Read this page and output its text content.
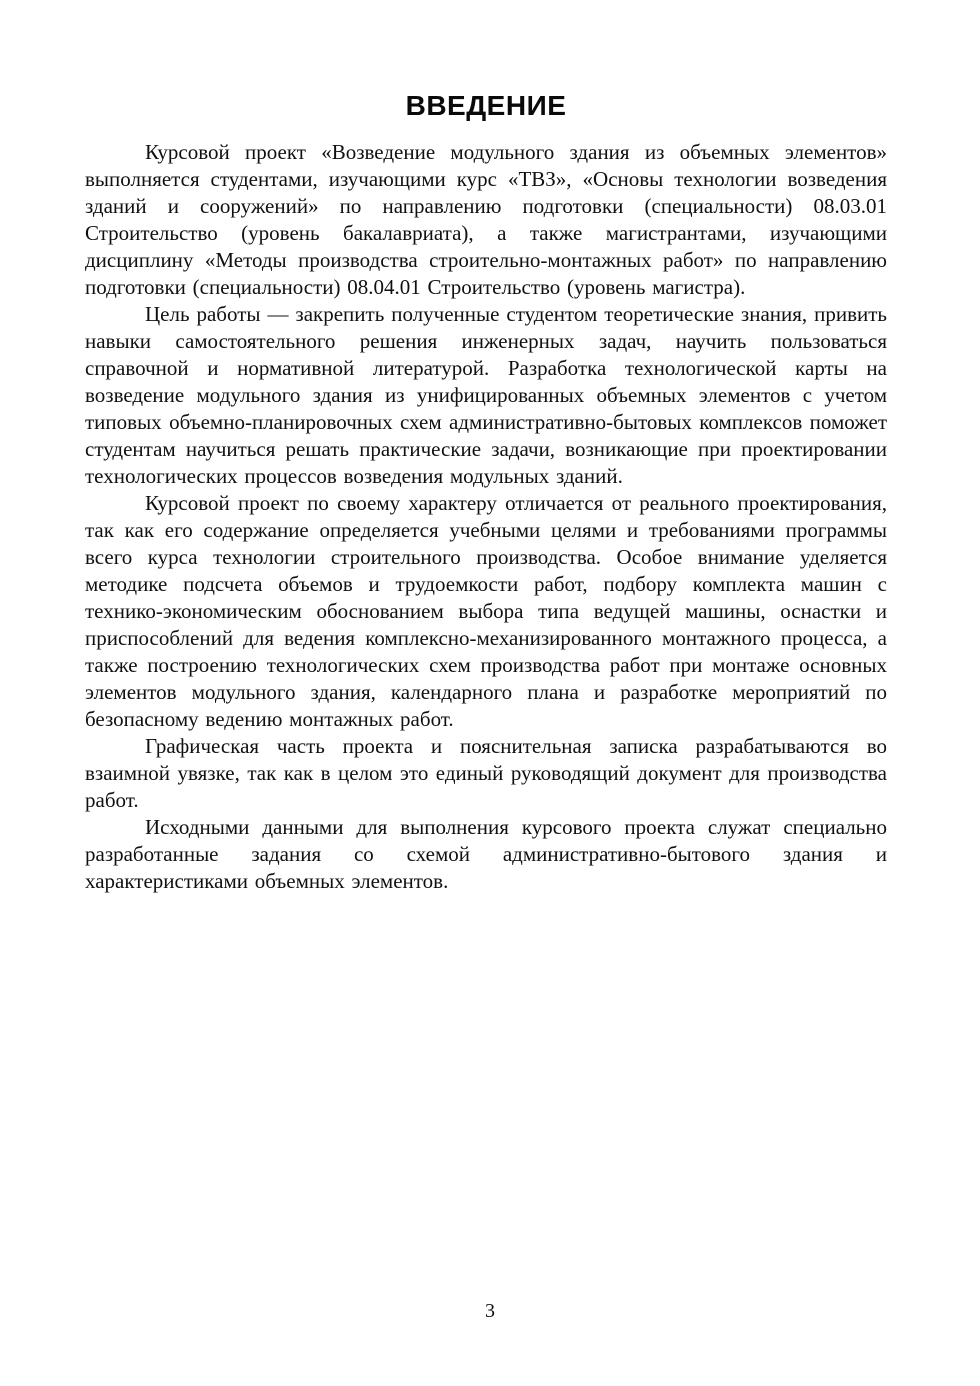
ВВЕДЕНИЕ

Курсовой проект «Возведение модульного здания из объемных элементов» выполняется студентами, изучающими курс «ТВЗ», «Основы технологии возведения зданий и сооружений» по направлению подготовки (специальности) 08.03.01 Строительство (уровень бакалавриата), а также магистрантами, изучающими дисциплину «Методы производства строительно-монтажных работ» по направлению подготовки (специальности) 08.04.01 Строительство (уровень магистра).

Цель работы — закрепить полученные студентом теоретические знания, привить навыки самостоятельного решения инженерных задач, научить пользоваться справочной и нормативной литературой. Разработка технологической карты на возведение модульного здания из унифицированных объемных элементов с учетом типовых объемно-планировочных схем административно-бытовых комплексов поможет студентам научиться решать практические задачи, возникающие при проектировании технологических процессов возведения модульных зданий.

Курсовой проект по своему характеру отличается от реального проектирования, так как его содержание определяется учебными целями и требованиями программы всего курса технологии строительного производства. Особое внимание уделяется методике подсчета объемов и трудоемкости работ, подбору комплекта машин с технико-экономическим обоснованием выбора типа ведущей машины, оснастки и приспособлений для ведения комплексно-механизированного монтажного процесса, а также построению технологических схем производства работ при монтаже основных элементов модульного здания, календарного плана и разработке мероприятий по безопасному ведению монтажных работ.

Графическая часть проекта и пояснительная записка разрабатываются во взаимной увязке, так как в целом это единый руководящий документ для производства работ.

Исходными данными для выполнения курсового проекта служат специально разработанные задания со схемой административно-бытового здания и характеристиками объемных элементов.

3
